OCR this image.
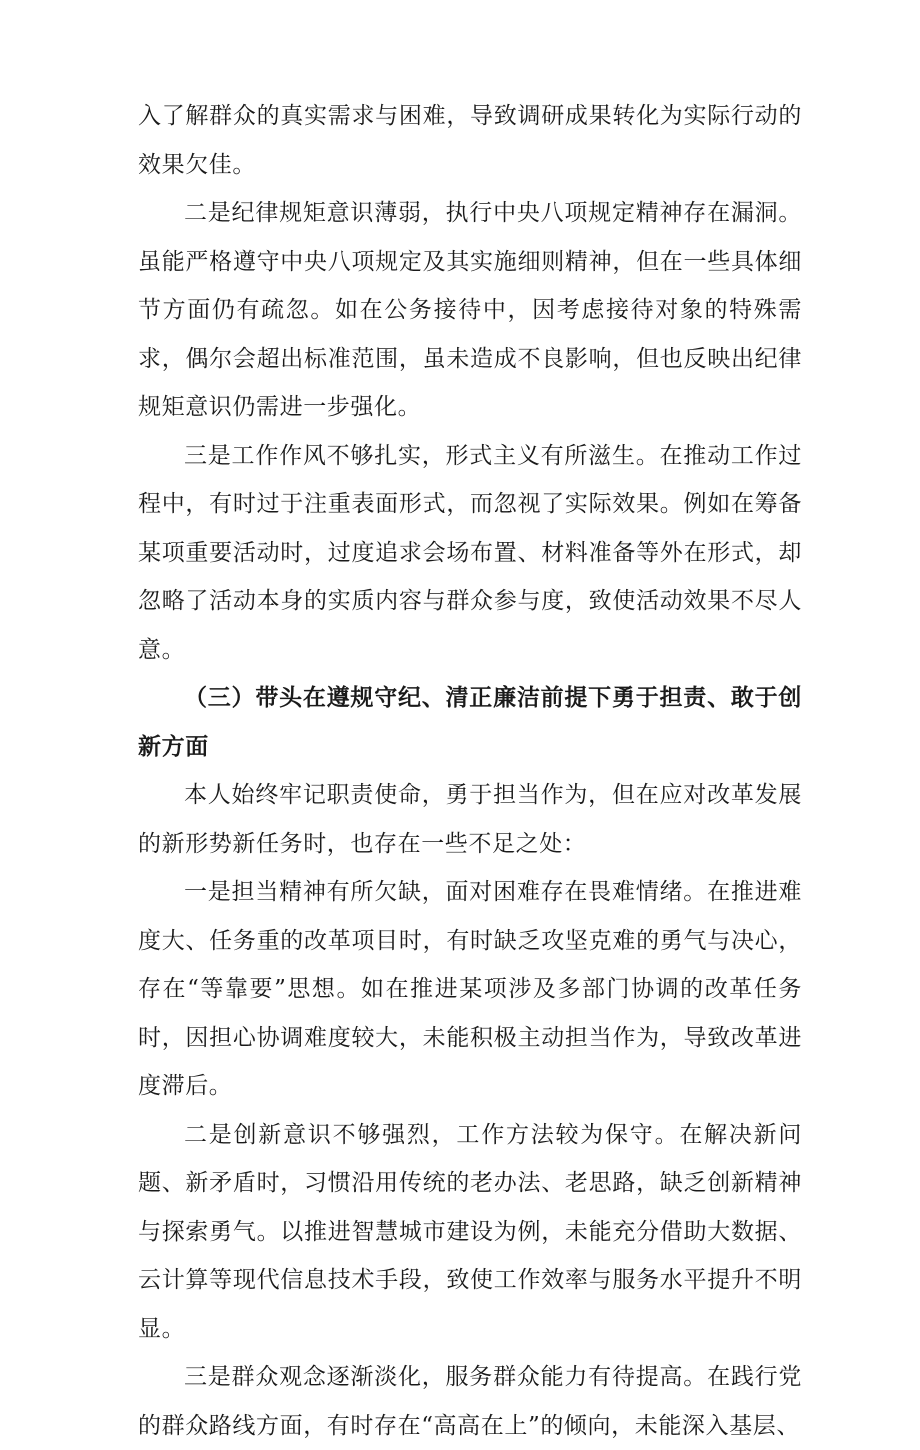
入了解群众的真实需求与困难，导致调研成果转化为实际行动的效果欠佳。

二是纪律规矩意识薄弱，执行中央八项规定精神存在漏洞。虽能严格遵守中央八项规定及其实施细则精神，但在一些具体细节方面仍有疏忽。如在公务接待中，因考虑接待对象的特殊需求，偶尔会超出标准范围，虽未造成不良影响，但也反映出纪律规矩意识仍需进一步强化。

三是工作作风不够扎实，形式主义有所滋生。在推动工作过程中，有时过于注重表面形式，而忽视了实际效果。例如在筹备某项重要活动时，过度追求会场布置、材料准备等外在形式，却忽略了活动本身的实质内容与群众参与度，致使活动效果不尽人意。

（三）带头在遵规守纪、清正廉洁前提下勇于担责、敢于创新方面

本人始终牢记职责使命，勇于担当作为，但在应对改革发展的新形势新任务时，也存在一些不足之处：

一是担当精神有所欠缺，面对困难存在畏难情绪。在推进难度大、任务重的改革项目时，有时缺乏攻坚克难的勇气与决心，存在“等靠要”思想。如在推进某项涉及多部门协调的改革任务时，因担心协调难度较大，未能积极主动担当作为，导致改革进度滞后。

二是创新意识不够强烈，工作方法较为保守。在解决新问题、新矛盾时，习惯沿用传统的老办法、老思路，缺乏创新精神与探索勇气。以推进智慧城市建设为例，未能充分借助大数据、云计算等现代信息技术手段，致使工作效率与服务水平提升不明显。

三是群众观念逐渐淡化，服务群众能力有待提高。在践行党的群众路线方面，有时存在“高高在上”的倾向，未能深入基层、
